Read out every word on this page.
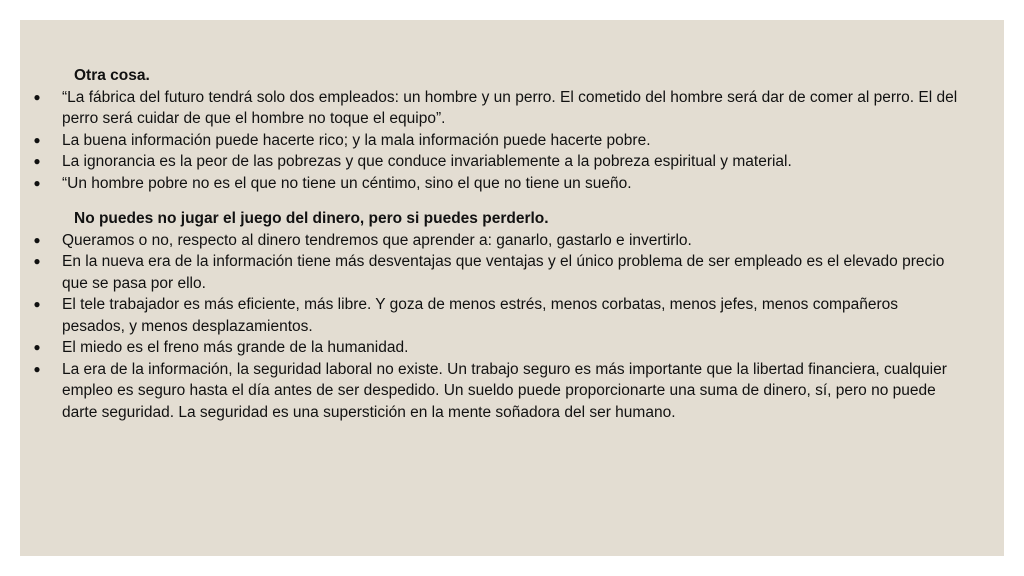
Otra cosa.

● “La fábrica del futuro tendrá solo dos empleados: un hombre y un perro. El cometido del hombre será dar de comer al perro. El del perro será cuidar de que el hombre no toque el equipo”.
● La buena información puede hacerte rico; y la mala información puede hacerte pobre.
● La ignorancia es la peor de las pobrezas y que conduce invariablemente a la pobreza espiritual y material.
● “Un hombre pobre no es el que no tiene un céntimo, sino el que no tiene un sueño.

No puedes no jugar el juego del dinero, pero si puedes perderlo.

● Queramos o no, respecto al dinero tendremos que aprender a: ganarlo, gastarlo e invertirlo.
● En la nueva era de la información tiene más desventajas que ventajas y el único problema de ser empleado es el elevado precio que se pasa por ello.
● El tele trabajador es más eficiente, más libre. Y goza de menos estrés, menos corbatas, menos jefes, menos compañeros pesados, y menos desplazamientos.
● El miedo es el freno más grande de la humanidad.
● La era de la información, la seguridad laboral no existe. Un trabajo seguro es más importante que la libertad financiera, cualquier empleo es seguro hasta el día antes de ser despedido. Un sueldo puede proporcionarte una suma de dinero, sí, pero no puede darte seguridad. La seguridad es una superstición en la mente soñadora del ser humano.
